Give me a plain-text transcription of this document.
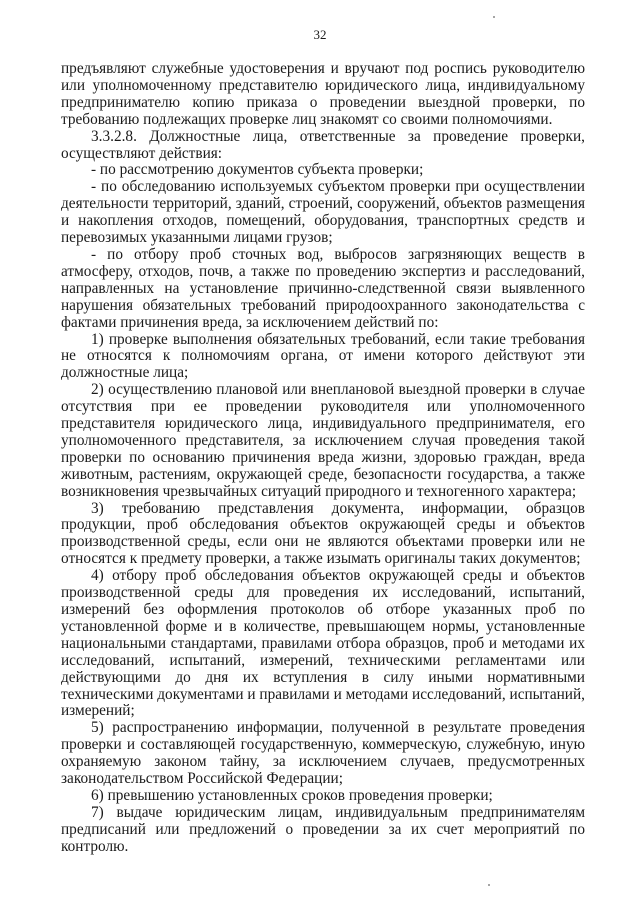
32

предъявляют служебные удостоверения и вручают под роспись руководителю или уполномоченному представителю юридического лица, индивидуальному предпринимателю копию приказа о проведении выездной проверки, по требованию подлежащих проверке лиц знакомят со своими полномочиями.

3.3.2.8. Должностные лица, ответственные за проведение проверки, осуществляют действия:

- по рассмотрению документов субъекта проверки;

- по обследованию используемых субъектом проверки при осуществлении деятельности территорий, зданий, строений, сооружений, объектов размещения и накопления отходов, помещений, оборудования, транспортных средств и перевозимых указанными лицами грузов;

- по отбору проб сточных вод, выбросов загрязняющих веществ в атмосферу, отходов, почв, а также по проведению экспертиз и расследований, направленных на установление причинно-следственной связи выявленного нарушения обязательных требований природоохранного законодательства с фактами причинения вреда, за исключением действий по:

1) проверке выполнения обязательных требований, если такие требования не относятся к полномочиям органа, от имени которого действуют эти должностные лица;

2) осуществлению плановой или внеплановой выездной проверки в случае отсутствия при ее проведении руководителя или уполномоченного представителя юридического лица, индивидуального предпринимателя, его уполномоченного представителя, за исключением случая проведения такой проверки по основанию причинения вреда жизни, здоровью граждан, вреда животным, растениям, окружающей среде, безопасности государства, а также возникновения чрезвычайных ситуаций природного и техногенного характера;

3) требованию представления документа, информации, образцов продукции, проб обследования объектов окружающей среды и объектов производственной среды, если они не являются объектами проверки или не относятся к предмету проверки, а также изымать оригиналы таких документов;

4) отбору проб обследования объектов окружающей среды и объектов производственной среды для проведения их исследований, испытаний, измерений без оформления протоколов об отборе указанных проб по установленной форме и в количестве, превышающем нормы, установленные национальными стандартами, правилами отбора образцов, проб и методами их исследований, испытаний, измерений, техническими регламентами или действующими до дня их вступления в силу иными нормативными техническими документами и правилами и методами исследований, испытаний, измерений;

5) распространению информации, полученной в результате проведения проверки и составляющей государственную, коммерческую, служебную, иную охраняемую законом тайну, за исключением случаев, предусмотренных законодательством Российской Федерации;

6) превышению установленных сроков проведения проверки;

7) выдаче юридическим лицам, индивидуальным предпринимателям предписаний или предложений о проведении за их счет мероприятий по контролю.
